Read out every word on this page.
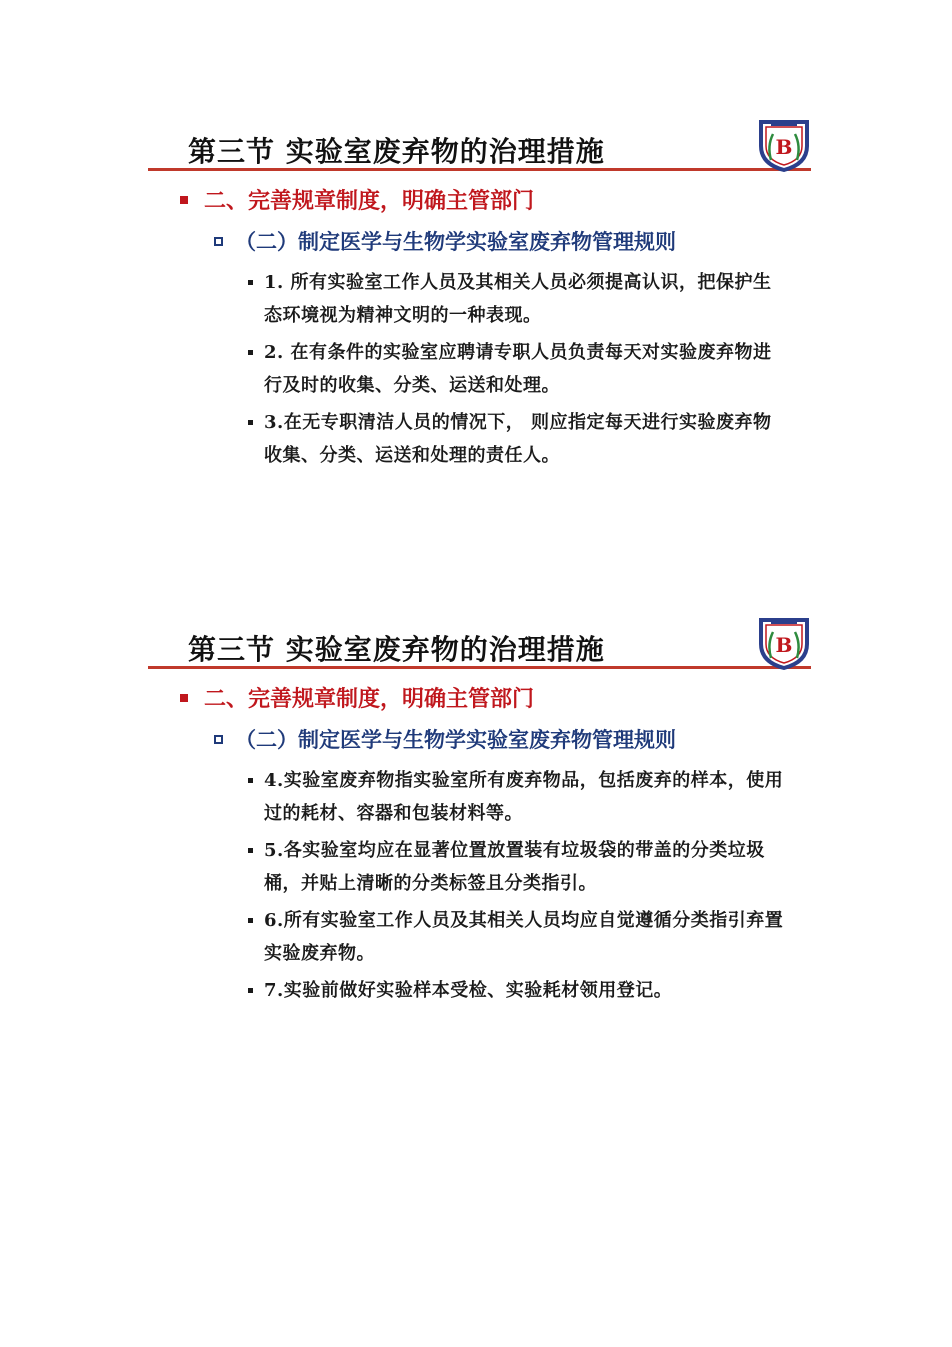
第三节 实验室废弃物的治理措施	B
二、完善规章制度，明确主管部门
（二）制定医学与生物学实验室废弃物管理规则
1. 所有实验室工作人员及其相关人员必须提高认识，把保护生态环境视为精神文明的一种表现。
2. 在有条件的实验室应聘请专职人员负责每天对实验废弃物进行及时的收集、分类、运送和处理。
3.在无专职清洁人员的情况下， 则应指定每天进行实验废弃物收集、分类、运送和处理的责任人。
第三节 实验室废弃物的治理措施	B
二、完善规章制度，明确主管部门
（二）制定医学与生物学实验室废弃物管理规则
4.实验室废弃物指实验室所有废弃物品，包括废弃的样本，使用过的耗材、容器和包装材料等。
5.各实验室均应在显著位置放置装有垃圾袋的带盖的分类垃圾桶，并贴上清晰的分类标签且分类指引。
6.所有实验室工作人员及其相关人员均应自觉遵循分类指引弃置实验废弃物。
7.实验前做好实验样本受检、实验耗材领用登记。
